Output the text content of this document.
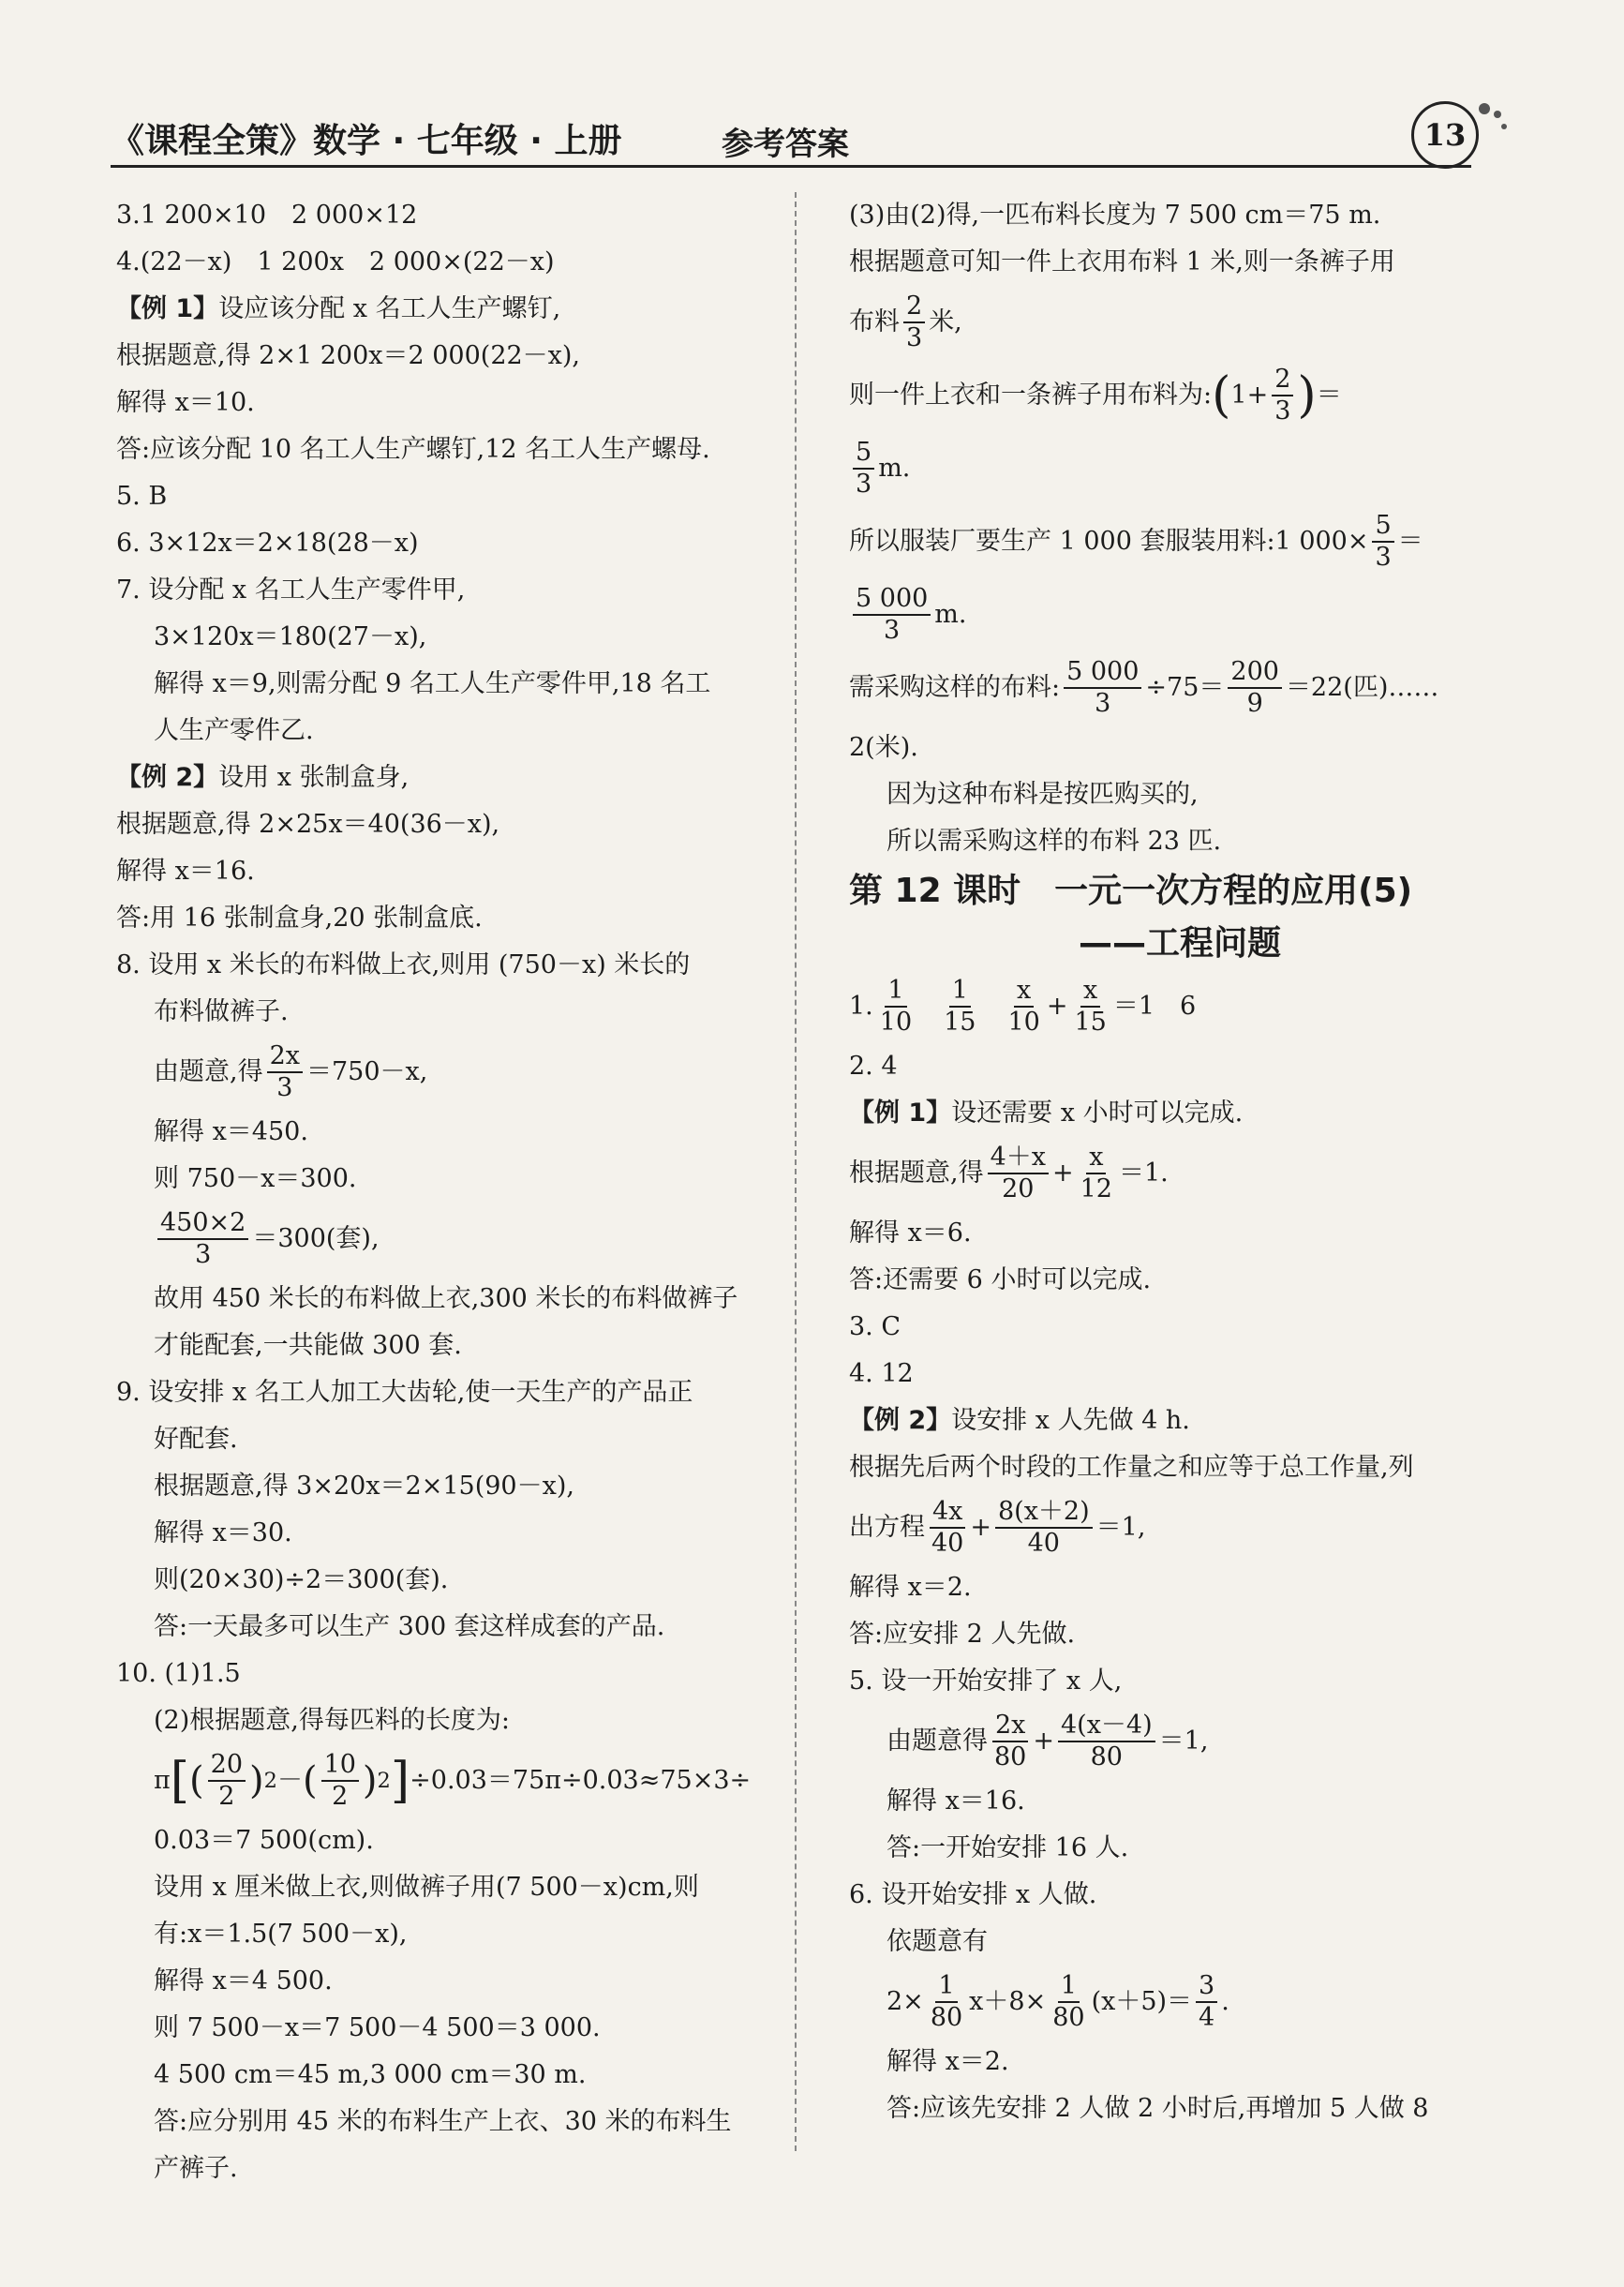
《课程全策》数学 · 七年级 · 上册	参考答案	13
3.1 200×10　2 000×12
4.(22－x)　1 200x　2 000×(22－x)
【例 1】设应该分配 x 名工人生产螺钉,
根据题意,得 2×1 200x＝2 000(22－x),
解得 x＝10.
答:应该分配 10 名工人生产螺钉,12 名工人生产螺母.
5. B
6. 3×12x＝2×18(28－x)
7. 设分配 x 名工人生产零件甲,
3×120x＝180(27－x),
解得 x＝9,则需分配 9 名工人生产零件甲,18 名工
人生产零件乙.
【例 2】设用 x 张制盒身,
根据题意,得 2×25x＝40(36－x),
解得 x＝16.
答:用 16 张制盒身,20 张制盒底.
8. 设用 x 米长的布料做上衣,则用 (750－x) 米长的
布料做裤子.
由题意,得 $\frac{2x}{3} =750-x$,
解得 x＝450.
则 750－x＝300.
$\frac{450\times 2}{3} =300$(套),
故用 450 米长的布料做上衣,300 米长的布料做裤子
才能配套,一共能做 300 套.
9. 设安排 x 名工人加工大齿轮,使一天生产的产品正
好配套.
根据题意,得 3×20x＝2×15(90－x),
解得 x＝30.
则(20×30)÷2＝300(套).
答:一天最多可以生产 300 套这样成套的产品.
10. (1)1.5
(2)根据题意,得每匹料的长度为:
π [ ( $\frac{20}{2}$ ) 2 － ( $\frac{10}{2}$ ) 2 ] ÷0.03＝75π÷0.03≈75×3÷
0.03＝7 500(cm).
设用 x 厘米做上衣,则做裤子用(7 500－x)cm,则
有:x＝1.5(7 500－x),
解得 x＝4 500.
则 7 500－x＝7 500－4 500＝3 000.
4 500 cm＝45 m,3 000 cm＝30 m.
答:应分别用 45 米的布料生产上衣、30 米的布料生
产裤子.
(3)由(2)得,一匹布料长度为 7 500 cm＝75 m.
根据题意可知一件上衣用布料 1 米,则一条裤子用
布料 $\frac{2}{3}$ 米,
则一件上衣和一条裤子用布料为: ( $1+ \frac{2}{3}$ ) ＝
$\frac{5}{3} m$.
所以服装厂要生产 1 000 套服装用料:1 $000\times \frac{5}{3}$ ＝
$\frac{5 000}{3} m$.
需采购这样的布料: $\frac{5 000}{3} \div 75= \frac{200}{9} =22$(匹)……
2(米).
因为这种布料是按匹购买的,
所以需采购这样的布料 23 匹.
第 12 课时　一元一次方程的应用(5)
——工程问题
1. $\frac{1}{10} \frac{1}{15} \frac{x}{10} + \frac{x}{15} =1$　6
2. 4
【例 1】设还需要 x 小时可以完成.
根据题意,得 $\frac{4+x}{20} + \frac{x}{12} =1$.
解得 x＝6.
答:还需要 6 小时可以完成.
3. C
4. 12
【例 2】设安排 x 人先做 4 h.
根据先后两个时段的工作量之和应等于总工作量,列
出方程 $\frac{4x}{40} + \frac{8(x+2)}{40} =1$,
解得 x＝2.
答:应安排 2 人先做.
5. 设一开始安排了 x 人,
由题意得 $\frac{2x}{80} + \frac{4(x-4)}{80} =1$,
解得 x＝16.
答:一开始安排 16 人.
6. 设开始安排 x 人做.
依题意有
$2\times \frac{1}{80} x+8\times \frac{1}{80} (x+5)= \frac{3}{4}$ .
解得 x＝2.
答:应该先安排 2 人做 2 小时后,再增加 5 人做 8
